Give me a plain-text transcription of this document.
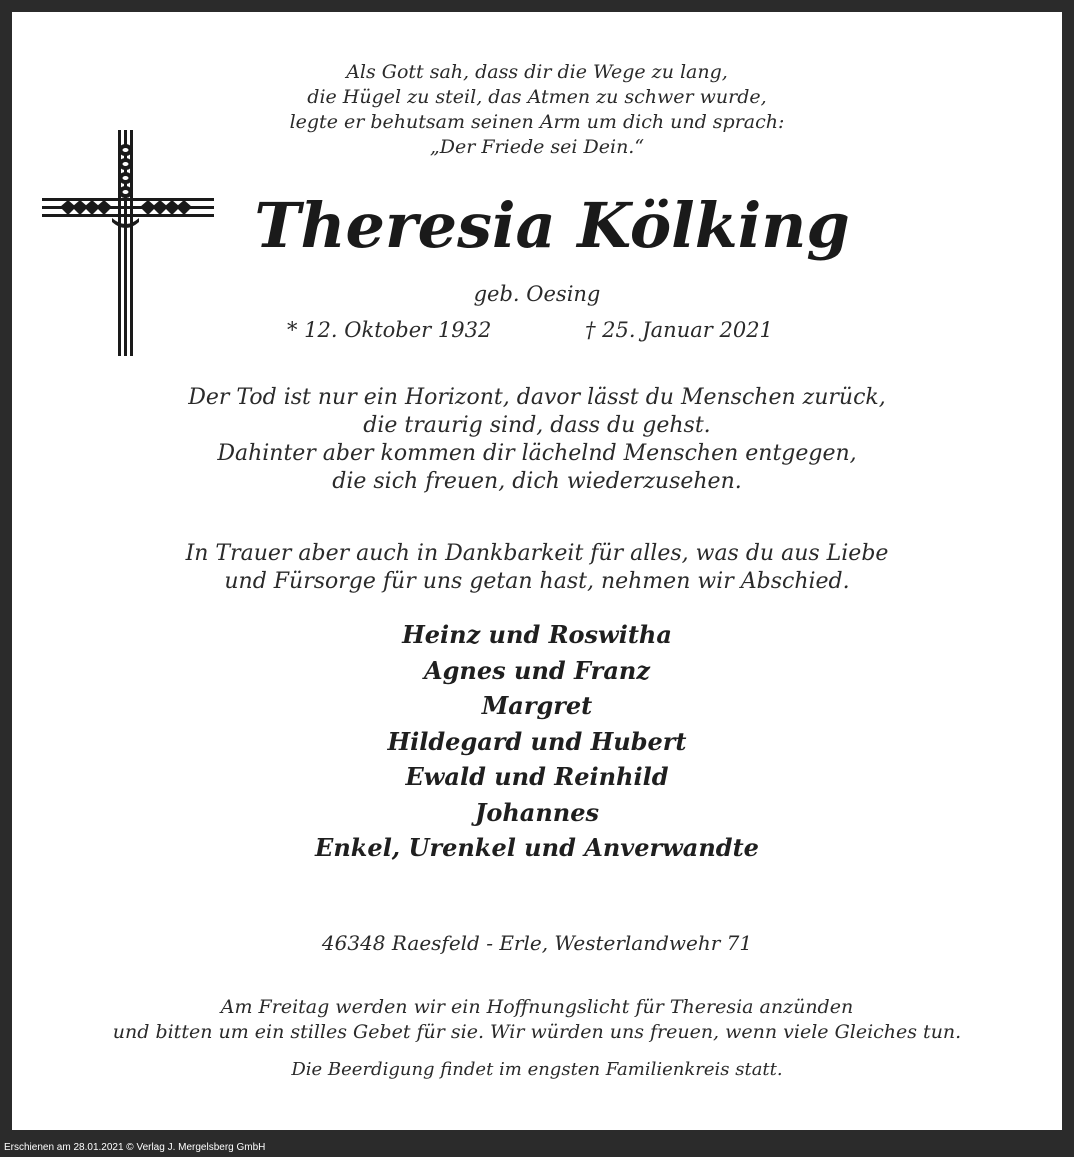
Als Gott sah, dass dir die Wege zu lang,
die Hügel zu steil, das Atmen zu schwer wurde,
legte er behutsam seinen Arm um dich und sprach:
„Der Friede sei Dein.“
Theresia Kölking
geb. Oesing
* 12. Oktober 1932	† 25. Januar 2021
Der Tod ist nur ein Horizont, davor lässt du Menschen zurück,
die traurig sind, dass du gehst.
Dahinter aber kommen dir lächelnd Menschen entgegen,
die sich freuen, dich wiederzusehen.
In Trauer aber auch in Dankbarkeit für alles, was du aus Liebe
und Fürsorge für uns getan hast, nehmen wir Abschied.
Heinz und Roswitha
Agnes und Franz
Margret
Hildegard und Hubert
Ewald und Reinhild
Johannes
Enkel, Urenkel und Anverwandte
46348 Raesfeld - Erle, Westerlandwehr 71
Am Freitag werden wir ein Hoffnungslicht für Theresia anzünden
und bitten um ein stilles Gebet für sie. Wir würden uns freuen, wenn viele Gleiches tun.
Die Beerdigung findet im engsten Familienkreis statt.
Erschienen am 28.01.2021 © Verlag J. Mergelsberg GmbH
